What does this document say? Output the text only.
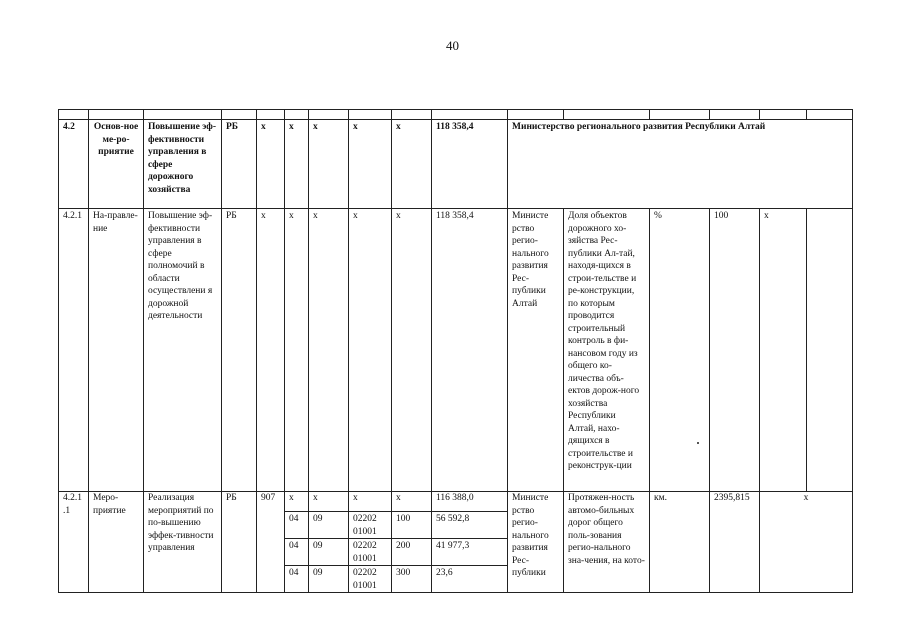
40

4.2	Основ-ное ме-ро-приятие	Повышение эф-фективности управления в сфере дорожного хозяйства	РБ	х	х	х	х	х	118 358,4	Министерство регионального развития Республики Алтай					
4.2.1	На-правле-ние	Повышение эф-фективности управления в сфере полномочий в области осуществлени я дорожной деятельности	РБ	х	х	х	х	х	118 358,4	Министе рство регио-нального развития Рес-публики Алтай	Доля объектов дорожного хо-зяйства Рес-публики Ал-тай, находя-щихся в строи-тельстве и ре-конструкции, по которым проводится строительный контроль в фи-нансовом году из общего ко-личества объ-ектов дорож-ного хозяйства Республики Алтай, нахо-дящихся в строительстве и реконструк-ции	%	100	х	
4.2.1.1	Меро-приятие	Реализация мероприятий по по-вышению эффек-тивности управления	РБ	907	х	х	х	х	116 388,0	Министе рство регио-нального развития Рес-публики	Протяжен-ность автомо-бильных дорог общего поль-зования регио-нального зна-чения, на кото-	км.	2395,815	х	
					04	09	02202 01001	100	56 592,8						
					04	09	02202 01001	200	41 977,3						
					04	09	02202 01001	300	23,6						
